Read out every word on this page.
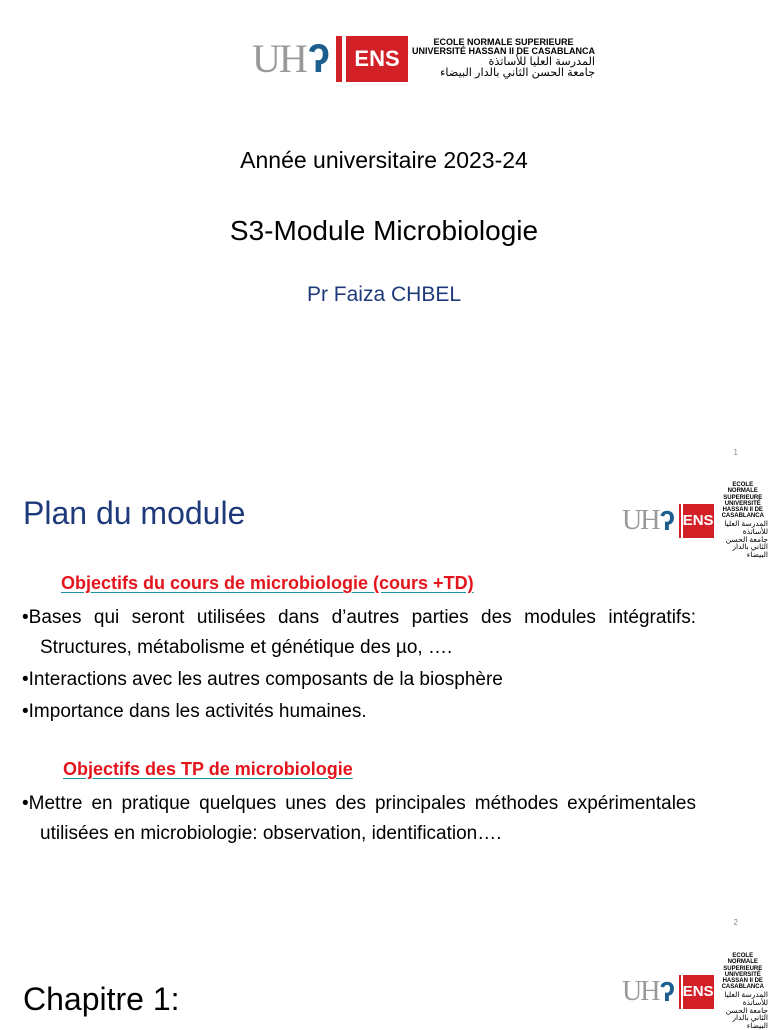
UH ʔ	ENS
ECOLE NORMALE SUPERIEURE
UNIVERSITÉ HASSAN II DE CASABLANCA
المدرسة العليا للأساتذة
جامعة الحسن الثاني بالدار البيضاء
Année universitaire 2023-24
S3-Module Microbiologie
Pr Faiza CHBEL
1
Plan du module	UH ʔ ENS
ECOLE NORMALE SUPERIEURE
UNIVERSITÉ HASSAN II DE CASABLANCA
المدرسة العليا للأساتذة
جامعة الحسن الثاني بالدار البيضاء
Objectifs du cours de microbiologie (cours +TD)
•Bases qui seront utilisées dans d’autres parties des modules intégratifs: Structures, métabolisme et génétique des µo, ….
•Interactions avec les autres composants de la biosphère
•Importance dans les activités humaines.
Objectifs des TP de microbiologie
•Mettre en pratique quelques unes des principales méthodes expérimentales utilisées en microbiologie: observation, identification….
2
UH ʔ ENS
ECOLE NORMALE SUPERIEURE
UNIVERSITÉ HASSAN II DE CASABLANCA
المدرسة العليا للأساتذة
جامعة الحسن الثاني بالدار البيضاء
Chapitre 1:
